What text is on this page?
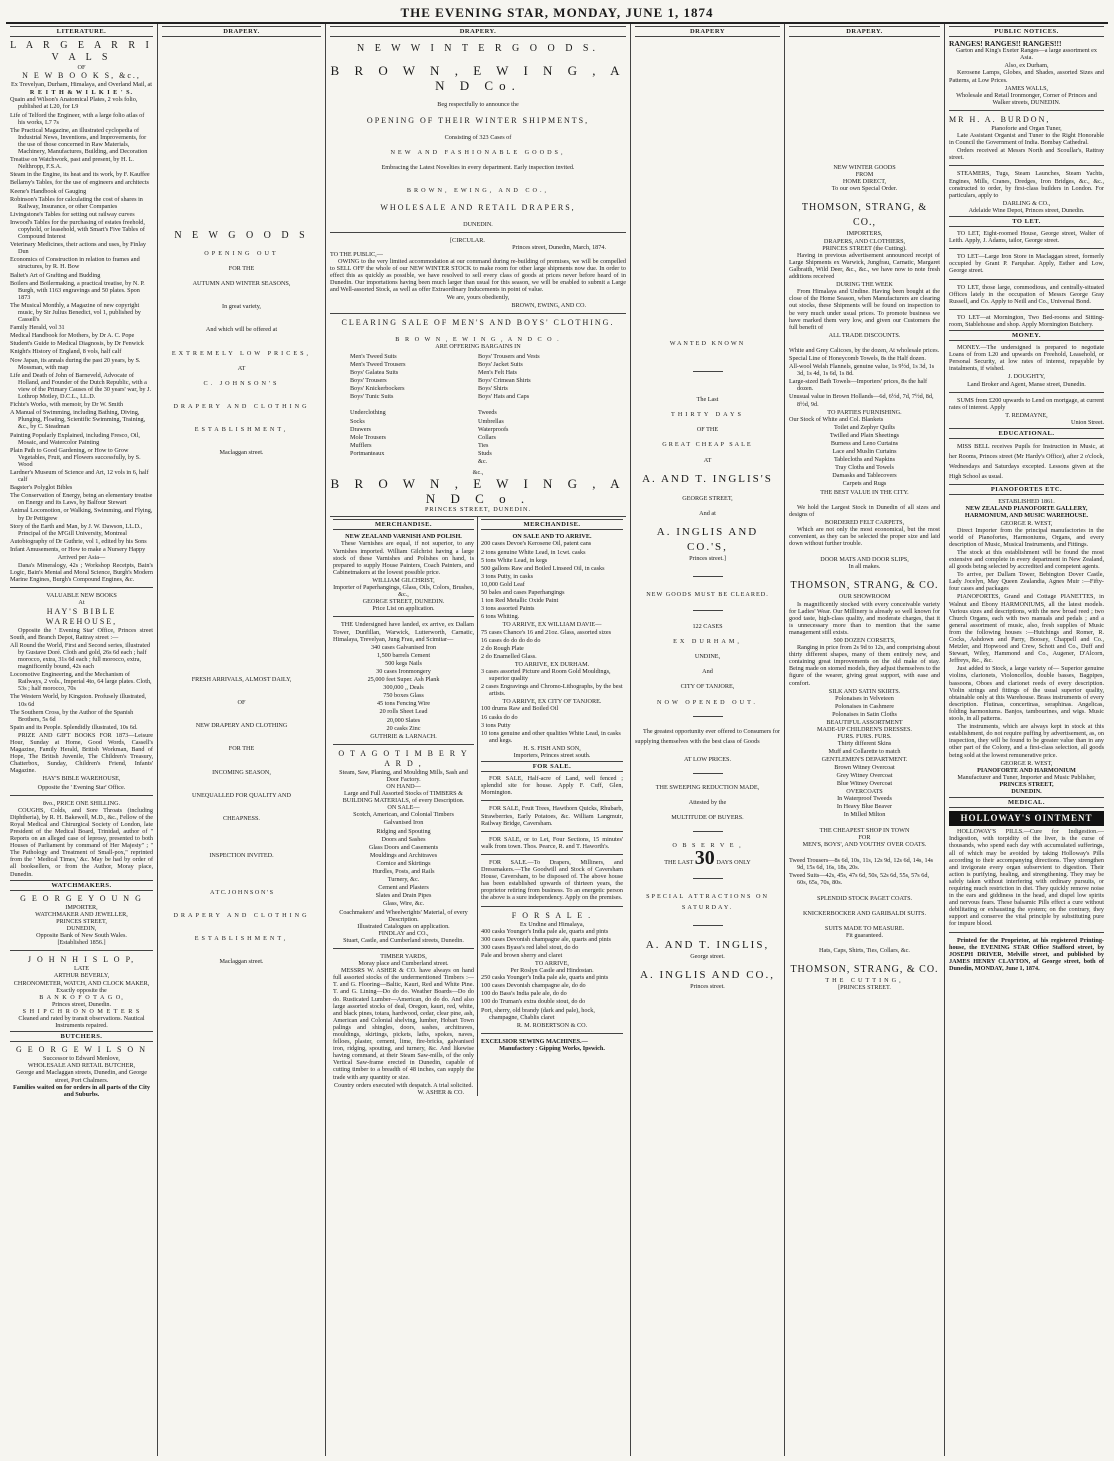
THE EVENING STAR, MONDAY, JUNE 1, 1874
LITERATURE.
L A R G E A R R I V A L S
OF
N E W B O O K S, &c.,

Ex Trevelyan, Durham, Himalaya, and Overland Mail, at

R E I T H & W I L K I E ' S.

Quain and Wilson's Anatomical Plates, 2 vols folio, published at L20, for L9

Life of Telford the Engineer, with a large folio atlas of his works, L7 7s

The Practical Magazine, an illustrated cyclopedia of Industrial News, Inventions, and Improvements, for the use of those concerned in Raw Materials, Machinery, Manufactures, Building, and Decoration

Treatise on Watchwork, past and present, by H. L. Nelthropp, F.S.A.

Steam in the Engine, its heat and its work, by F. Kauffee

Bellamy's Tables, for the use of engineers and architects

Keene's Handbook of Gauging

Robinson's Tables for calculating the cost of shares in Railway, Insurance, or other Companies

Livingstone's Tables for setting out railway curves

Inwood's Tables for the purchasing of estates freehold, copyhold, or leasehold, with Smart's Five Tables of Compound Interest

Veterinary Medicines, their actions and uses, by Finlay Dun

Economics of Construction in relation to frames and structures, by R. H. Bow

Baltet's Art of Grafting and Budding

Boilers and Boilermaking, a practical treatise, by N. P. Burgh, with 1163 engravings and 50 plates. Spon 1873

The Musical Monthly, a Magazine of new copyright music, by Sir Julius Benedict, vol 1, published by Cassell's

Family Herald, vol 31

Medical Handbook for Mothers, by Dr A. C. Pope

Student's Guide to Medical Diagnosis, by Dr Fenwick

Knight's History of England, 8 vols, half calf

Now Japan, its annals during the past 20 years, by S. Mossman, with map

Life and Death of John of Barneveld, Advocate of Holland, and Founder of the Dutch Republic, with a view of the Primary Causes of the 30 years' war, by J. Lothrop Motley, D.C.L., LL.D.

Fichte's Works, with memoir, by Dr W. Smith

A Manual of Swimming, including Bathing, Diving, Plunging, Floating, Scientific Swimming, Training, &c., by C. Steadman

Painting Popularly Explained, including Fresco, Oil, Mosaic, and Watercolor Painting

Plain Path to Good Gardening, or How to Grow Vegetables, Fruit, and Flowers successfully, by S. Wood

Lardner's Museum of Science and Art, 12 vols in 6, half calf

Bagster's Polyglot Bibles

The Conservation of Energy, being an elementary treatise on Energy and its Laws, by Balfour Stewart

Animal Locomotion, or Walking, Swimming, and Flying, by Dr Pettigrew

Story of the Earth and Man, by J. W. Dawson, LL.D., Principal of the M'Gill University, Montreal

Autobiography of Dr Guthrie, vol 1, edited by his Sons

Infant Amusements, or How to make a Nursery Happy

Arrived per Asia—

Dana's Mineralogy, 42s ; Workshop Receipts, Bain's Logic, Bain's Mental and Moral Science, Burgh's Modern Marine Engines, Burgh's Compound Engines, &c.

VALUABLE NEW BOOKS
At
HAY'S BIBLE WAREHOUSE,

Opposite the ' Evening Star' Office, Princes street South, and Branch Depot, Rattray street :—

All Round the World, First and Second series, illustrated by Gustave Doré. Cloth and gold, 26s 6d each ; half morocco, extra, 31s 6d each ; full morocco, extra, magnificently bound, 42s each

Locomotive Engineering, and the Mechanism of Railways, 2 vols., Imperial 4to, 64 large plates. Cloth, 53s ; half morocco, 70s

The Western World, by Kingston. Profusely illustrated, 10s 6d

The Southern Cross, by the Author of the Spanish Brothers, 5s 6d

Spain and its People. Splendidly illustrated, 10s 6d.

PRIZE AND GIFT BOOKS FOR 1873—Leisure Hour, Sunday at Home, Good Words, Cassell's Magazine, Family Herald, British Workman, Band of Hope, The British Juvenile, The Children's Treasury, Chatterbox, Sunday, Children's Friend, Infants' Magazine.

HAY'S BIBLE WAREHOUSE,

Opposite the ' Evening Star' Office.

8vo., PRICE ONE SHILLING.

COUGHS, Colds, and Sore Throats (including Diphtheria), by R. H. Bakewell, M.D., &c., Fellow of the Royal Medical and Chirurgical Society of London, late President of the Medical Board, Trinidad, author of " Reports on an alleged case of leprosy, presented to both Houses of Parliament by command of Her Majesty" ; " The Pathology and Treatment of Small-pox," reprinted from the ' Medical Times,' &c. May be had by order of all booksellers, or from the Author, Moray place, Dunedin.

WATCHMAKERS.
G E O R G E Y O U N G
IMPORTER,
WATCHMAKER AND JEWELLER,
PRINCES STREET,
DUNEDIN,
Opposite Bank of New South Wales.
[Established 1856.]
J O H N H I S L O P,
LATE
ARTHUR BEVERLY,
CHRONOMETER, WATCH, AND CLOCK MAKER,
Exactly opposite the
B A N K O F O T A G O,
Princes street, Dunedin.
S H I P C H R O N O M E T E R S
Cleaned and rated by transit observations. Nautical Instruments repaired.
BUTCHERS.
G E O R G E W I L S O N
Successor to Edward Menlove,
WHOLESALE AND RETAIL BUTCHER,
George and Maclaggan streets, Dunedin, and George street, Port Chalmers.
Families waited on for orders in all parts of the City and Suburbs.
DRAPERY.
N E W G O O D S
OPENING OUT
FOR THE
AUTUMN AND WINTER SEASONS,
In great variety,
And which will be offered at
EXTREMELY LOW PRICES,
AT
C. JOHNSON'S
DRAPERY AND CLOTHING
ESTABLISHMENT,
Maclaggan street.
FRESH ARRIVALS, ALMOST DAILY,
OF
NEW DRAPERY AND CLOTHING
FOR THE
INCOMING SEASON,
UNEQUALLED FOR QUALITY AND
CHEAPNESS.
INSPECTION INVITED.
A T C. J O H N S O N ' S
DRAPERY AND CLOTHING
ESTABLISHMENT,
Maclaggan street.
DRAPERY.
N E W W I N T E R G O O D S.
B R O W N , E W I N G , A N D Co.
Beg respectfully to announce the
OPENING OF THEIR WINTER SHIPMENTS,
Consisting of 323 Cases of
NEW AND FASHIONABLE GOODS,
Embracing the Latest Novelties in every department. Early inspection invited.
BROWN, EWING, AND CO.,
WHOLESALE AND RETAIL DRAPERS,
DUNEDIN.
[CIRCULAR.
Princes street, Dunedin, March, 1874.
TO THE PUBLIC,—

OWING to the very limited accommodation at our command during re-building of premises, we will be compelled to SELL OFF the whole of our NEW WINTER STOCK to make room for other large shipments now due. In order to effect this as quickly as possible, we have resolved to sell every class of goods at prices never before heard of in Dunedin. Our importations having been much larger than usual for this season, we will be enabled to submit a Large and Well-assorted Stock, as well as offer Extraordinary Inducements in point of value.

We are, yours obediently,
BROWN, EWING, AND CO.
CLEARING SALE OF MEN'S AND BOYS' CLOTHING.
B R O W N , E W I N G , A N D C O .
ARE OFFERING BARGAINS IN

Men's Tweed Suits

Men's Tweed Trousers

Boys' Galatea Suits

Boys' Trousers

Boys' Knickerbockers

Boys' Tunic Suits

Underclothing

Socks

Drawers

Mole Trousers

Mufflers

Portmanteaux

Boys' Trousers and Vests

Boys' Jacket Suits

Men's Felt Hats

Boys' Crimean Shirts

Boys' Shirts

Boys' Hats and Caps

Tweeds

Umbrellas

Waterproofs

Collars

Ties

Studs

&c.

&c.,
B R O W N , E W I N G , A N D C o .
PRINCES STREET, DUNEDIN.
MERCHANDISE.
NEW ZEALAND VARNISH AND POLISH.

These Varnishes are equal, if not superior, to any Varnishes imported. William Gilchrist having a large stock of these Varnishes and Polishes on hand, is prepared to supply House Painters, Coach Painters, and Cabinetmakers at the lowest possible price.

WILLIAM GILCHRIST,
Importer of Paperhangings, Glass, Oils, Colors, Brushes, &c.,
GEORGE STREET, DUNEDIN.
Price List on application.

THE Undersigned have landed, ex arrive, ex Dallam Tower, Dunfillan, Warwick, Lutterworth, Carnatic, Himalaya, Trevelyan, Jung Frau, and Scimitar—

340 cases Galvanised Iron

1,500 barrels Cement

500 kegs Nails

30 cases Ironmongery

25,000 feet Super. Ash Plank

300,000 ,, Deals

750 boxes Glass

45 tons Fencing Wire

20 rolls Sheet Lead

20,000 Slates

20 casks Zinc

GUTHRIE & LARNACH.
O T A G O T I M B E R Y A R D ,
Steam, Saw, Planing, and Moulding Mills, Sash and Door Factory.
ON HAND—
Large and Full Assorted Stocks of TIMBERS & BUILDING MATERIALS, of every Description.
ON SALE—

Scotch, American, and Colonial Timbers

Galvanised Iron

Ridging and Spouting

Doors and Sashes

Glass Doors and Casements

Mouldings and Architraves

Cornice and Skirtings

Hurdles, Posts, and Rails

Turnery, &c.

Cement and Plasters

Slates and Drain Pipes

Glass, Wire, &c.

Coachmakers' and Wheelwrights' Material, of every Description.
Illustrated Catalogues on application.
FINDLAY and CO.,
Stuart, Castle, and Cumberland streets, Dunedin.
TIMBER YARDS,
Moray place and Cumberland street.

MESSRS W. ASHER & CO. have always on hand full assorted stocks of the undermentioned Timbers :— T. and G. Flooring—Baltic, Kauri, Red and White Pine. T. and G. Lining—Do do do. Weather Boards—Do do do. Rusticated Lumber—American, do do do. And also large assorted stocks of deal, Oregon, kauri, red, white, and black pines, totara, hardwood, cedar, clear pine, ash, American and Colonial shelving, lumber, Hobart Town palings and shingles, doors, sashes, architraves, mouldings, skirtings, pickets, laths, spokes, naves, felloes, plaster, cement, lime, fire-bricks, galvanised iron, ridging, spouting, and turnery, &c. And likewise having command, at their Steam Saw-mills, of the only Vertical Saw-frame erected in Dunedin, capable of cutting timber to a breadth of 48 inches, can supply the trade with any quantity or size.

Country orders executed with despatch. A trial solicited.
W. ASHER & CO.
MERCHANDISE.
ON SALE AND TO ARRIVE.

200 cases Devoe's Kerosene Oil, patent cans

2 tons genuine White Lead, in 1cwt. casks

5 tons White Lead, in kegs

500 gallons Raw and Boiled Linseed Oil, in casks

3 tons Putty, in casks

10,000 Gold Leaf

50 bales and cases Paperhangings

1 ton Red Metallic Oxide Paint

3 tons assorted Paints

6 tons Whiting.

TO ARRIVE, EX WILLIAM DAVIE—

75 cases Chance's 16 and 21oz. Glass, assorted sizes

16 cases do do do do do

2 do Rough Plate

2 do Enamelled Glass.

TO ARRIVE, EX DURHAM.

3 cases assorted Picture and Room Gold Mouldings, superior quality

2 cases Engravings and Chromo-Lithographs, by the best artists.

TO ARRIVE, EX CITY OF TANJORE.

100 drums Raw and Boiled Oil

16 casks do do

3 tons Putty

10 tons genuine and other qualities White Lead, in casks and kegs.

H. S. FISH AND SON,
Importers, Princes street south.
FOR SALE.

FOR SALE, Half-acre of Land, well fenced ; splendid site for house. Apply F. Cuff, Glen, Mornington.

FOR SALE, Fruit Trees, Hawthorn Quicks, Rhubarb, Strawberries, Early Potatoes, &c. William Langmuir, Railway Bridge, Caversham.

FOR SALE, or to Let, Four Sections, 15 minutes' walk from town. Thos. Pearce, R. and T. Haworth's.

FOR SALE.—To Drapers, Milliners, and Dressmakers.—The Goodwill and Stock of Caversham House, Caversham, to be disposed of. The above house has been established upwards of thirteen years, the proprietor retiring from business. To an energetic person the above is a sure independency. Apply on the premises.

F O R S A L E .
Ex Undine and Himalaya,

400 casks Younger's India pale ale, quarts and pints

300 cases Devonish champagne ale, quarts and pints

300 cases Byass's red label stout, do do

Pale and brown sherry and claret

TO ARRIVE,
Per Roslyn Castle and Hindostan.

250 casks Younger's India pale ale, quarts and pints

100 cases Devonish champagne ale, do do

100 do Bass's India pale ale, do do

100 do Truman's extra double stout, do do

Port, sherry, old brandy (dark and pale), hock, champagne, Chablis claret

R. M. ROBERTSON & CO.
EXCELSIOR SEWING MACHINES.—
Manufactory : Gipping Works, Ipswich.
DRAPERY
WANTED KNOWN
The Last
THIRTY DAYS
OF THE
GREAT CHEAP SALE
AT
A. AND T. INGLIS'S
GEORGE STREET,
And at
A. INGLIS AND CO.'S,
Princes street.]
NEW GOODS MUST BE CLEARED.
122 CASES
EX DURHAM,
UNDINE,
And
CITY OF TANJORE,
NOW OPENED OUT.

The greatest opportunity ever offered to Consumers for supplying themselves with the best class of Goods

AT LOW PRICES.
THE SWEEPING REDUCTION MADE,
Attested by the
MULTITUDE OF BUYERS.
O B S E R V E ,
THE LAST 30 DAYS ONLY
SPECIAL ATTRACTIONS ON SATURDAY.
A. AND T. INGLIS,
George street.
A. INGLIS AND CO.,
Princes street.
DRAPERY.
NEW WINTER GOODS
FROM
HOME DIRECT,
To our own Special Order.
THOMSON, STRANG, & CO.,
IMPORTERS,
DRAPERS, AND CLOTHIERS,
PRINCES STREET (the Cutting).

Having in previous advertisement announced receipt of Large Shipments ex Warwick, Jungfrau, Carnatic, Margaret Galbraith, Wild Deer, &c., &c., we have now to note fresh additions received

DURING THE WEEK

From Himalaya and Undine. Having been bought at the close of the Home Season, when Manufacturers are clearing out stocks, these Shipments will be found on inspection to be very much under usual prices. To promote business we have marked them very low, and given our Customers the full benefit of

ALL TRADE DISCOUNTS.

White and Grey Calicoes, by the dozen, At wholesale prices.

Special Line of Honeycomb Towels, 8s the Half dozen.

All-wool Welsh Flannels, genuine value, 1s 9½d, 1s 3d, 1s 3d, 1s 4d, 1s 6d, 1s 8d.

Large-sized Bath Towels—Importers' prices, 8s the half dozen.

Unusual value in Brown Hollands—6d, 6½d, 7d, 7½d, 8d, 8½d, 9d.

TO PARTIES FURNISHING.

Our Stock of White and Col. Blankets

Toilet and Zephyr Quilts

Twilled and Plain Sheetings

Burness and Leno Curtains

Lace and Muslin Curtains

Tablecloths and Napkins

Tray Cloths and Towels

Damasks and Tablecovers

Carpets and Rugs

THE BEST VALUE IN THE CITY.

We hold the Largest Stock in Dunedin of all sizes and designs of

BORDERED FELT CARPETS,

Which are not only the most economical, but the most convenient, as they can be selected the proper size and laid down without further trouble.

DOOR MATS AND DOOR SLIPS,
In all makes.
THOMSON, STRANG, & CO.
OUR SHOWROOM

Is magnificently stocked with every conceivable variety for Ladies' Wear. Our Millinery is already so well known for good taste, high-class quality, and moderate charges, that it is unnecessary more than to mention that the same management still exists.

500 DOZEN CORSETS,

Ranging in price from 2s 9d to 12s, and comprising about thirty different shapes, many of them entirely new, and containing great improvements on the old make of stay. Being made on stomed models, they adjust themselves to the figure of the wearer, giving great support, with ease and comfort.

SILK AND SATIN SKIRTS.

Polonaises in Velveteen

Polonaises in Cashmere

Polonaises in Satin Cloths

BEAUTIFUL ASSORTMENT
MADE-UP CHILDREN'S DRESSES.
FURS. FURS. FURS.

Thirty different Skins

Muff and Collarette to match

GENTLEMEN'S DEPARTMENT.

Brown Witney Overcoat

Grey Witney Overcoat

Blue Witney Overcoat

OVERCOATS

In Waterproof Tweeds

In Heavy Blue Beaver

In Milled Milton

THE CHEAPEST SHOP IN TOWN
FOR
MEN'S, BOYS', AND YOUTHS' OVER COATS.

Tweed Trousers—8s 6d, 10s, 11s, 12s 9d, 12s 6d, 14s, 14s 9d, 15s 6d, 16s, 18s, 20s.

Tweed Suits—42s, 45s, 47s 6d, 50s, 52s 6d, 55s, 57s 6d, 60s, 65s, 70s, 80s.

SPLENDID STOCK PAGET COATS.
KNICKERBOCKER AND GARIBALDI SUITS.
SUITS MADE TO MEASURE.
Fit guaranteed.
Hats, Caps, Shirts, Ties, Collars, &c.
THOMSON, STRANG, & CO.
THE CUTTING,
[PRINCES STREET.
PUBLIC NOTICES.
RANGES! RANGES!! RANGES!!!

Garton and King's Exeter Ranges—a large assortment ex Asia.

Also, ex Durham,

Kerosene Lamps, Globes, and Shades, assorted Sizes and Patterns, at Low Prices.

JAMES WALLS,

Wholesale and Retail Ironmonger, Corner of Princes and Walker streets, DUNEDIN.

MR H. A. BURDON,
Pianoforte and Organ Tuner,

Late Assistant Organist and Tuner to the Right Honorable in Council the Government of India. Bombay Cathedral.

Orders received at Messrs North and Scoullar's, Rattray street.

STEAMERS, Tugs, Steam Launches, Steam Yachts, Engines, Mills, Cranes, Dredges, Iron Bridges, &c., &c., constructed to order, by first-class builders in London. For particulars, apply to

DARLING & CO.,
Adelaide Wine Depot, Princes street, Dunedin.
TO LET.

TO LET, Eight-roomed House, George street, Walter of Leith. Apply, J. Adams, tailor, George street.

TO LET—Large Iron Store in Maclaggan street, formerly occupied by Grant P. Farquhar. Apply, Esther and Low, George street.

TO LET, those large, commodious, and centrally-situated Offices lately in the occupation of Messrs George Gray Russell, and Co. Apply to Neill and Co., Universal Bond.

TO LET—at Mornington, Two Bed-rooms and Sitting-room, Stablehouse and shop. Apply Mornington Butchery.

MONEY.

MONEY.—The undersigned is prepared to negotiate Loans of from L20 and upwards on Freehold, Leasehold, or Personal Security, at low rates of interest, repayable by instalments, if wished.

J. DOUGHTY,
Land Broker and Agent, Manse street, Dunedin.

SUMS from £200 upwards to Lend on mortgage, at current rates of interest. Apply

T. REDMAYNE,
Union Street.
EDUCATIONAL.

MISS BELL receives Pupils for Instruction in Music, at her Rooms, Princes street (Mr Hardy's Office), after 2 o'clock, Wednesdays and Saturdays excepted. Lessons given at the High School as usual.

PIANOFORTES ETC.
ESTABLISHED 1861.
NEW ZEALAND PIANOFORTE GALLERY, HARMONIUM, AND MUSIC WAREHOUSE.
GEORGE R. WEST,

Direct Importer from the principal manufactories in the world of Pianofortes, Harmoniums, Organs, and every description of Music, Musical Instruments, and Fittings.

The stock at this establishment will be found the most extensive and complete in every department in New Zealand, all goods being selected by accredited and competent agents.

To arrive, per Dallam Tower, Bebington Dover Castle, Lady Jocelyn, May Queen Zealandia, Agnes Muir :—Fifty-four cases and packages

PIANOFORTES, Grand and Cottage PIANETTES, in Walnut and Ebony HARMONIUMS, all the latest models. Various sizes and descriptions, with the new broad reed ; two Church Organs, each with two manuals and pedals ; and a general assortment of music, also, fresh supplies of Music from the following houses :—Hutchings and Romer, R. Cocks, Ashdown and Parry, Boosey, Chappell and Co., Metzler, and Hopwood and Crew, Schott and Co., Duff and Stewart, Wiley, Hammond and Co., Augener, D'Alcorn, Jeffreys, &c., &c.

Just added to Stock, a large variety of— Superior genuine violins, clarionets, Violoncellos, double basses, Bagpipes, bassoons, Oboes and clarionet reeds of every description. Violin strings and fittings of the usual superior quality, obtainable only at this Warehouse. Brass instruments of every description. Flutinas, concertinas, seraphinas. Angelicas, folding harmoniums. Banjos, tambourines, and wigs. Music stools, in all patterns.

The instruments, which are always kept in stock at this establishment, do not require puffing by advertisement, as, on inspection, they will be found to be greater value than in any other part of the Colony, and a first-class selection, all goods being sold at the lowest remunerative price.

GEORGE R. WEST,
PIANOFORTE AND HARMONIUM
Manufacturer and Tuner, Importer and Music Publisher,
PRINCES STREET,
DUNEDIN.
MEDICAL.
HOLLOWAY'S OINTMENT

HOLLOWAY'S PILLS.—Cure for Indigestion.—Indigestion, with torpidity of the liver, is the curse of thousands, who spend each day with accumulated sufferings, all of which may be avoided by taking Holloway's Pills according to their accompanying directions. They strengthen and invigorate every organ subservient to digestion. Their action is purifying, healing, and strengthening. They may be safely taken without interfering with ordinary pursuits, or requiring much restriction in diet. They quickly remove noise in the ears and giddiness in the head, and dispel low spirits and nervous fears. These balsamic Pills effect a cure without debilitating or exhausting the system; on the contrary, they support and conserve the vital principle by substituting pure for impure blood.

Printed for the Proprietor, at his registered Printing-house, the EVENING STAR Office Stafford street, by JOSEPH DRIVER, Melville street, and published by JAMES HENRY CLAYTON, of George street, both of Dunedin, MONDAY, June 1, 1874.
